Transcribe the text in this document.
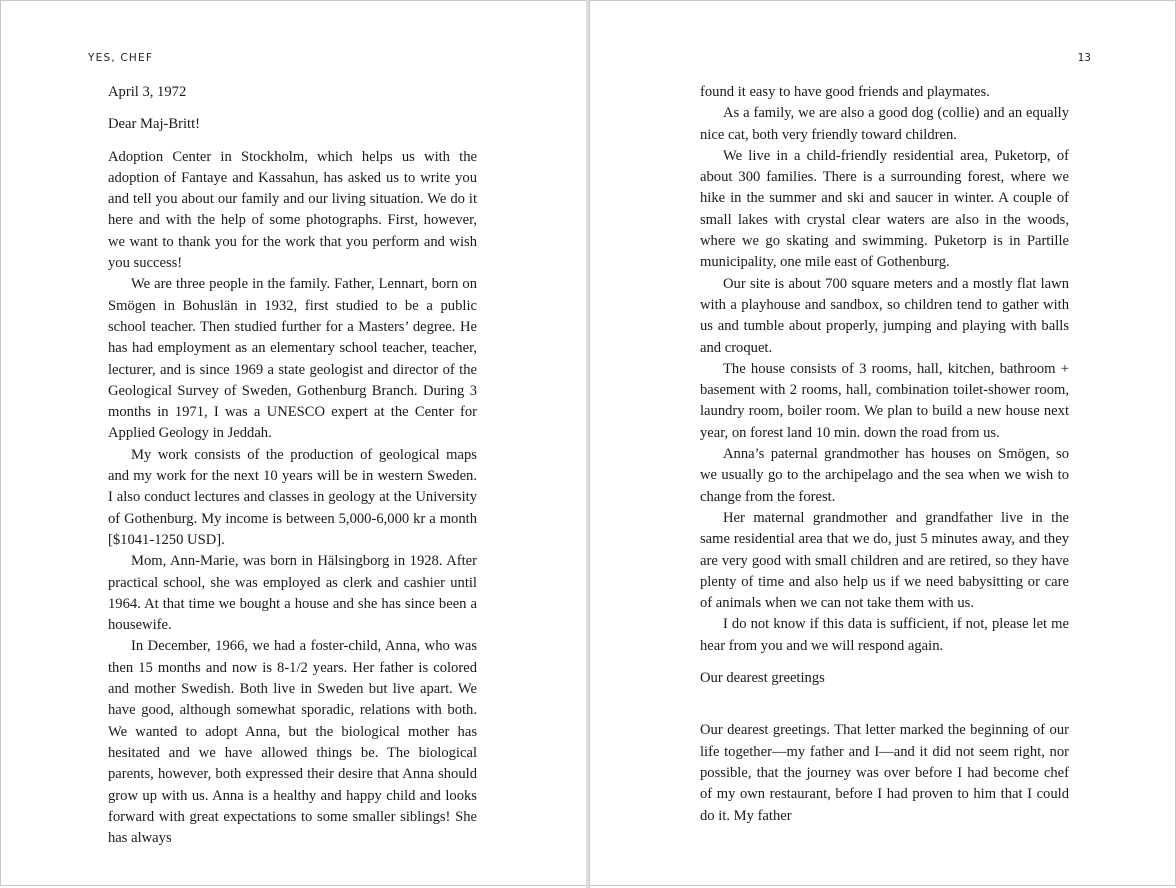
YES, CHEF

April 3, 1972

Dear Maj-Britt!

Adoption Center in Stockholm, which helps us with the adoption of Fantaye and Kassahun, has asked us to write you and tell you about our family and our living situation. We do it here and with the help of some photographs. First, however, we want to thank you for the work that you perform and wish you success!

We are three people in the family. Father, Lennart, born on Smögen in Bohuslän in 1932, first studied to be a public school teacher. Then studied further for a Masters’ degree. He has had employment as an elementary school teacher, teacher, lecturer, and is since 1969 a state geologist and director of the Geological Survey of Sweden, Gothenburg Branch. During 3 months in 1971, I was a UNESCO expert at the Center for Applied Geology in Jeddah.

My work consists of the production of geological maps and my work for the next 10 years will be in western Sweden. I also conduct lectures and classes in geology at the University of Gothenburg. My income is between 5,000-6,000 kr a month [$1041-1250 USD].

Mom, Ann-Marie, was born in Hälsingborg in 1928. After practical school, she was employed as clerk and cashier until 1964. At that time we bought a house and she has since been a housewife.

In December, 1966, we had a foster-child, Anna, who was then 15 months and now is 8-1/2 years. Her father is colored and mother Swedish. Both live in Sweden but live apart. We have good, although somewhat sporadic, relations with both. We wanted to adopt Anna, but the biological mother has hesitated and we have allowed things be. The biological parents, however, both expressed their desire that Anna should grow up with us. Anna is a healthy and happy child and looks forward with great expectations to some smaller siblings! She has always

13

found it easy to have good friends and playmates.

As a family, we are also a good dog (collie) and an equally nice cat, both very friendly toward children.

We live in a child-friendly residential area, Puketorp, of about 300 families. There is a surrounding forest, where we hike in the summer and ski and saucer in winter. A couple of small lakes with crystal clear waters are also in the woods, where we go skating and swimming. Puketorp is in Partille municipality, one mile east of Gothenburg.

Our site is about 700 square meters and a mostly flat lawn with a playhouse and sandbox, so children tend to gather with us and tumble about properly, jumping and playing with balls and croquet.

The house consists of 3 rooms, hall, kitchen, bathroom + basement with 2 rooms, hall, combination toilet-shower room, laundry room, boiler room. We plan to build a new house next year, on forest land 10 min. down the road from us.

Anna’s paternal grandmother has houses on Smögen, so we usually go to the archipelago and the sea when we wish to change from the forest.

Her maternal grandmother and grandfather live in the same residential area that we do, just 5 minutes away, and they are very good with small children and are retired, so they have plenty of time and also help us if we need babysitting or care of animals when we can not take them with us.

I do not know if this data is sufficient, if not, please let me hear from you and we will respond again.

Our dearest greetings

Our dearest greetings. That letter marked the beginning of our life together—my father and I—and it did not seem right, nor possible, that the journey was over before I had become chef of my own restaurant, before I had proven to him that I could do it. My father
